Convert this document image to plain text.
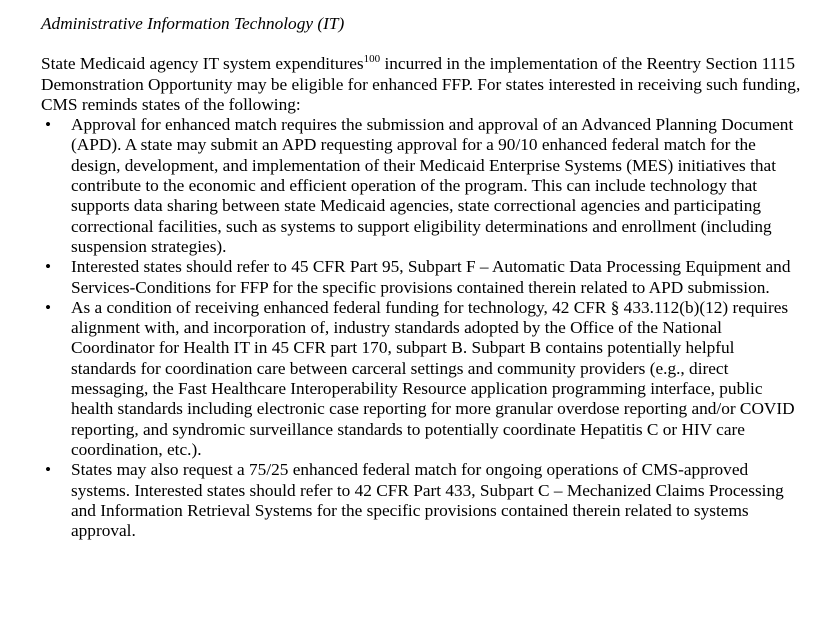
Administrative Information Technology (IT)

State Medicaid agency IT system expenditures$^{100}$ incurred in the implementation of the Reentry Section 1115 Demonstration Opportunity may be eligible for enhanced FFP. For states interested in receiving such funding, CMS reminds states of the following:

• Approval for enhanced match requires the submission and approval of an Advanced Planning Document (APD). A state may submit an APD requesting approval for a 90/10 enhanced federal match for the design, development, and implementation of their Medicaid Enterprise Systems (MES) initiatives that contribute to the economic and efficient operation of the program. This can include technology that supports data sharing between state Medicaid agencies, state correctional agencies and participating correctional facilities, such as systems to support eligibility determinations and enrollment (including suspension strategies).
• Interested states should refer to 45 CFR Part 95, Subpart F – Automatic Data Processing Equipment and Services-Conditions for FFP for the specific provisions contained therein related to APD submission.
• As a condition of receiving enhanced federal funding for technology, 42 CFR § 433.112(b)(12) requires alignment with, and incorporation of, industry standards adopted by the Office of the National Coordinator for Health IT in 45 CFR part 170, subpart B. Subpart B contains potentially helpful standards for coordination care between carceral settings and community providers (e.g., direct messaging, the Fast Healthcare Interoperability Resource application programming interface, public health standards including electronic case reporting for more granular overdose reporting and/or COVID reporting, and syndromic surveillance standards to potentially coordinate Hepatitis C or HIV care coordination, etc.).
• States may also request a 75/25 enhanced federal match for ongoing operations of CMS-approved systems. Interested states should refer to 42 CFR Part 433, Subpart C – Mechanized Claims Processing and Information Retrieval Systems for the specific provisions contained therein related to systems approval.
